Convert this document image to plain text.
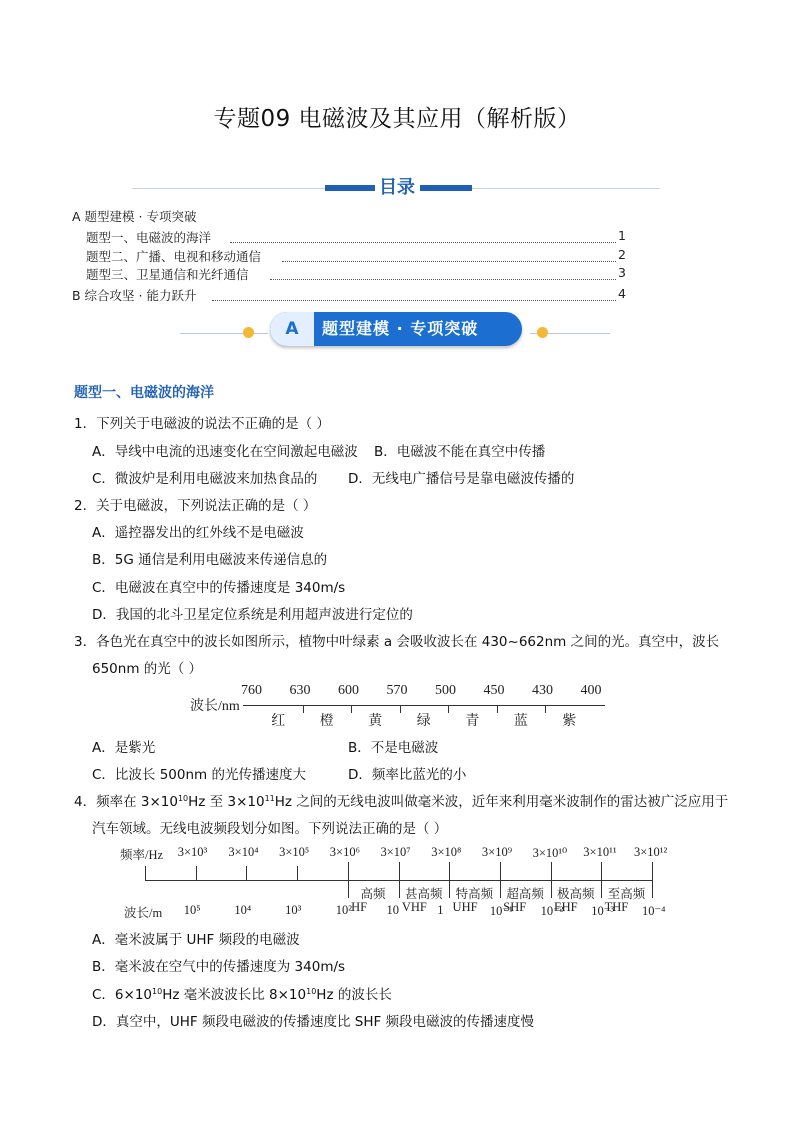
专题09 电磁波及其应用（解析版）
目录
A 题型建模 · 专项突破
题型一、电磁波的海洋	1
题型二、广播、电视和移动通信	2
题型三、卫星通信和光纤通信	3
B 综合攻坚 · 能力跃升	4
A	题型建模 · 专项突破
题型一、电磁波的海洋
1．下列关于电磁波的说法不正确的是（ ）
A．导线中电流的迅速变化在空间激起电磁波 B．电磁波不能在真空中传播
C．微波炉是利用电磁波来加热食品的 D．无线电广播信号是靠电磁波传播的
2．关于电磁波，下列说法正确的是（ ）
A．遥控器发出的红外线不是电磁波
B．5G 通信是利用电磁波来传递信息的
C．电磁波在真空中的传播速度是 340m/s
D．我国的北斗卫星定位系统是利用超声波进行定位的
3．各色光在真空中的波长如图所示，植物中叶绿素 a 会吸收波长在 430~662nm 之间的光。真空中，波长
650nm 的光（ ）
波长/nm
760 630 600 570 500 450 430 400
红 橙 黄 绿 青 蓝 紫
A．是紫光	B．不是电磁波
C．比波长 500nm 的光传播速度大	D．频率比蓝光的小
4．频率在 $3\times 10^{10}Hz$ 至 $3\times 10^{11}Hz$ 之间的无线电波叫做毫米波，近年来利用毫米波制作的雷达被广泛应用于
汽车领域。无线电波频段划分如图。下列说法正确的是（ ）
频率/Hz
波长/m
3×10³ 3×10⁴ 3×10⁵ 3×10⁶ 3×10⁷ 3×10⁸ 3×10⁹ 3×10¹⁰ 3×10¹¹ 3×10¹²
10⁵	10⁴	10³	10²	10	1	10⁻¹ 10⁻² 10⁻³ 10⁻⁴
高频 甚高频 特高频 超高频 极高频 至高频
HF	VHF UHF SHF EHF THF
A．毫米波属于 UHF 频段的电磁波
B．毫米波在空气中的传播速度为 340m/s
C．$6\times 10^{10}Hz$ 毫米波波长比 $8\times 10^{10}Hz$ 的波长长
D．真空中，UHF 频段电磁波的传播速度比 SHF 频段电磁波的传播速度慢
